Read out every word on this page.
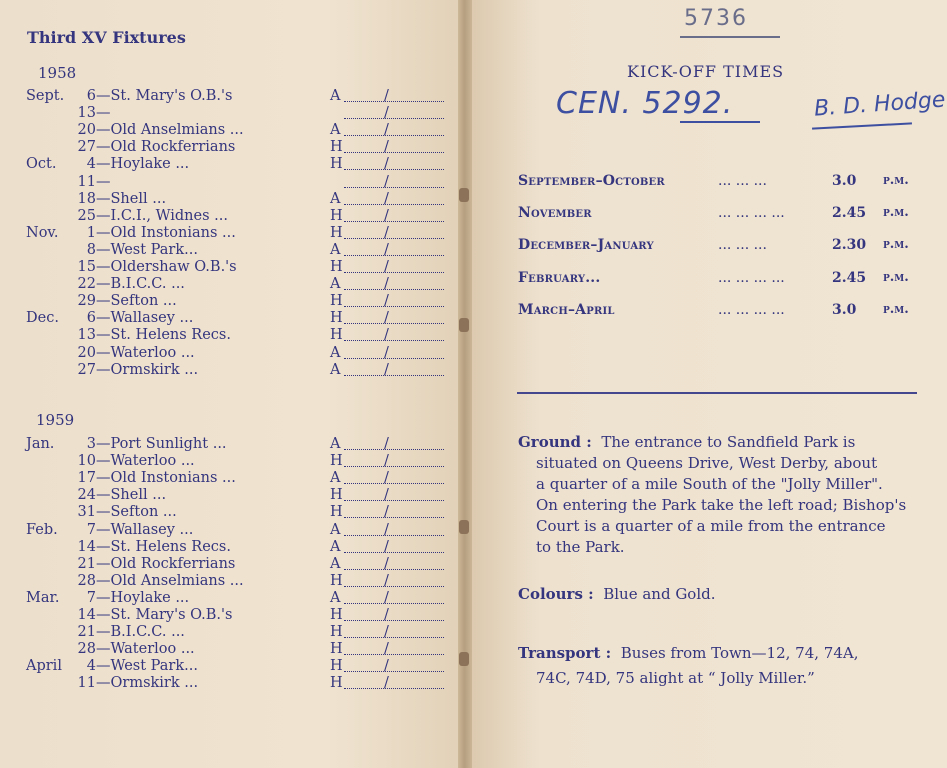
Third XV Fixtures
1958
1959
Sept.	6 —St. Mary's O.B.'s	A	/
13 —	/
20 —Old Anselmians ...	A	/
27 —Old Rockferrians	H	/
Oct.	4 —Hoylake ...	H	/
11 —	/
18 —Shell ...	A	/
25 —I.C.I., Widnes ...	H	/
Nov.	1 —Old Instonians ...	H	/
8 —West Park...	A	/
15 —Oldershaw O.B.'s	H	/
22 —B.I.C.C. ...	A	/
29 —Sefton ...	H	/
Dec.	6 —Wallasey ...	H	/
13 —St. Helens Recs.	H	/
20 —Waterloo ...	A	/
27 —Ormskirk ...	A	/
Jan.	3 —Port Sunlight ...	A	/
10 —Waterloo ...	H	/
17 —Old Instonians ...	A	/
24 —Shell ...	H	/
31 —Sefton ...	H	/
Feb.	7 —Wallasey ...	A	/
14 —St. Helens Recs.	A	/
21 —Old Rockferrians	A	/
28 —Old Anselmians ...	H	/
Mar.	7 —Hoylake ...	A	/
14 —St. Mary's O.B.'s	H	/
21 —B.I.C.C. ...	H	/
28 —Waterloo ...	H	/
April	4 —West Park...	H	/
11 —Ormskirk ...	H	/
5736
KICK-OFF TIMES
CEN. 5292.	B. D. Hodge
September–October	... ... ...	3.0 p.m.
November	... ... ... ...	2.45 p.m.
December–January	... ... ...	2.30 p.m.
February...	... ... ... ...	2.45 p.m.
March–April	... ... ... ...	3.0 p.m.
Ground : The entrance to Sandfield Park is
situated on Queens Drive, West Derby, about
a quarter of a mile South of the "Jolly Miller".
On entering the Park take the left road; Bishop's
Court is a quarter of a mile from the entrance
to the Park.
Colours : Blue and Gold.
Transport : Buses from Town—12, 74, 74A,
74C, 74D, 75 alight at “ Jolly Miller.”
